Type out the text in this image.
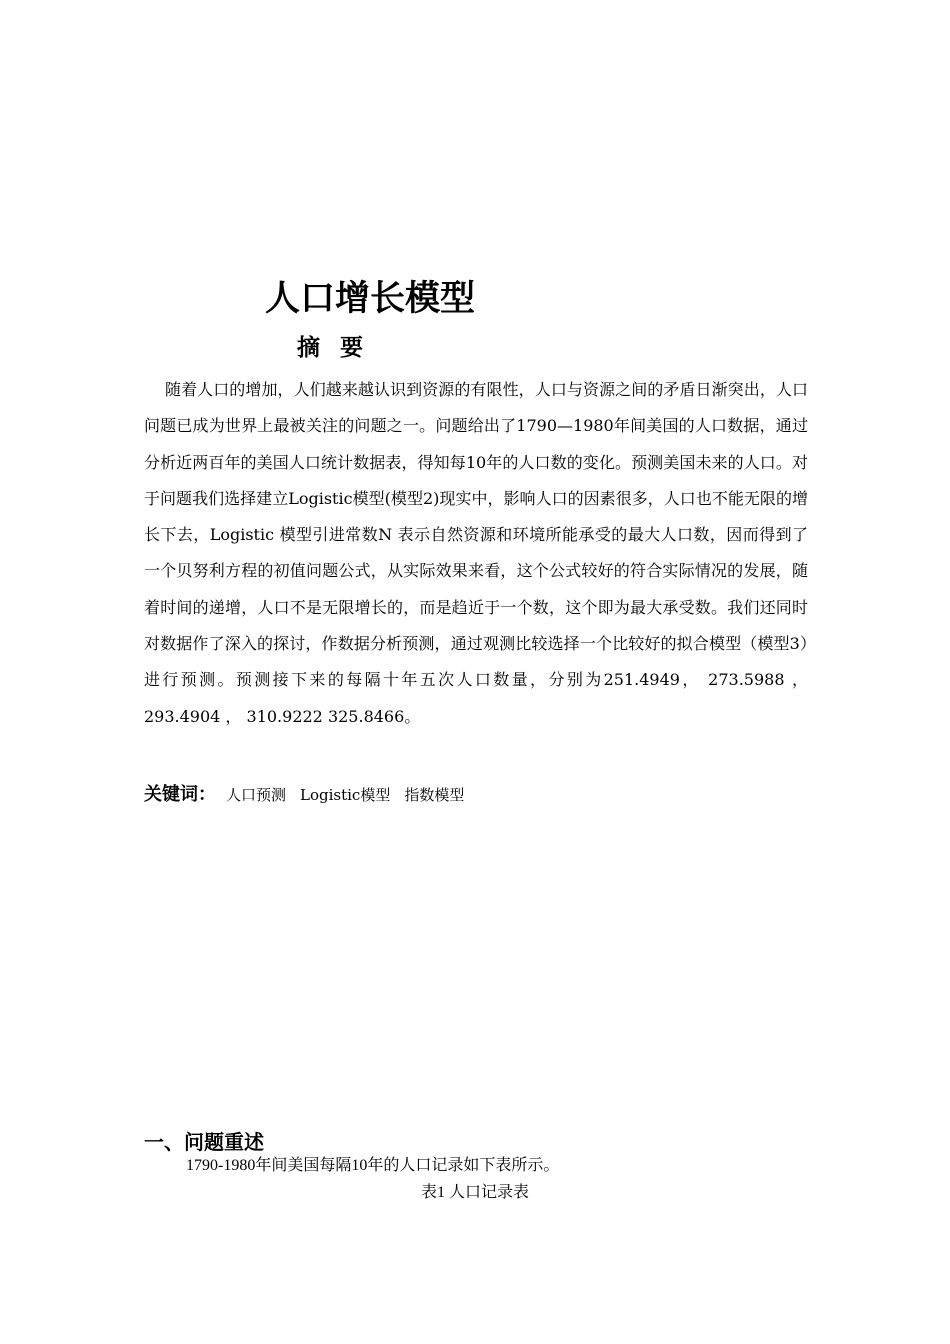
人口增长模型
摘 要

随着人口的增加，人们越来越认识到资源的有限性，人口与资源之间的矛盾日渐突出，人口问题已成为世界上最被关注的问题之一。问题给出了1790—1980年间美国的人口数据，通过分析近两百年的美国人口统计数据表，得知每10年的人口数的变化。预测美国未来的人口。对于问题我们选择建立Logistic模型(模型2)现实中，影响人口的因素很多，人口也不能无限的增长下去，Logistic 模型引进常数N 表示自然资源和环境所能承受的最大人口数，因而得到了一个贝努利方程的初值问题公式，从实际效果来看，这个公式较好的符合实际情况的发展，随着时间的递增，人口不是无限增长的，而是趋近于一个数，这个即为最大承受数。我们还同时对数据作了深入的探讨，作数据分析预测，通过观测比较选择一个比较好的拟合模型（模型3）进行预测。预测接下来的每隔十年五次人口数量，分别为251.4949， 273.5988 ， 293.4904 ， 310.9222 325.8466。

关键词： 人口预测 Logistic模型 指数模型
一、问题重述
1790-1980年间美国每隔10年的人口记录如下表所示。
表1 人口记录表
